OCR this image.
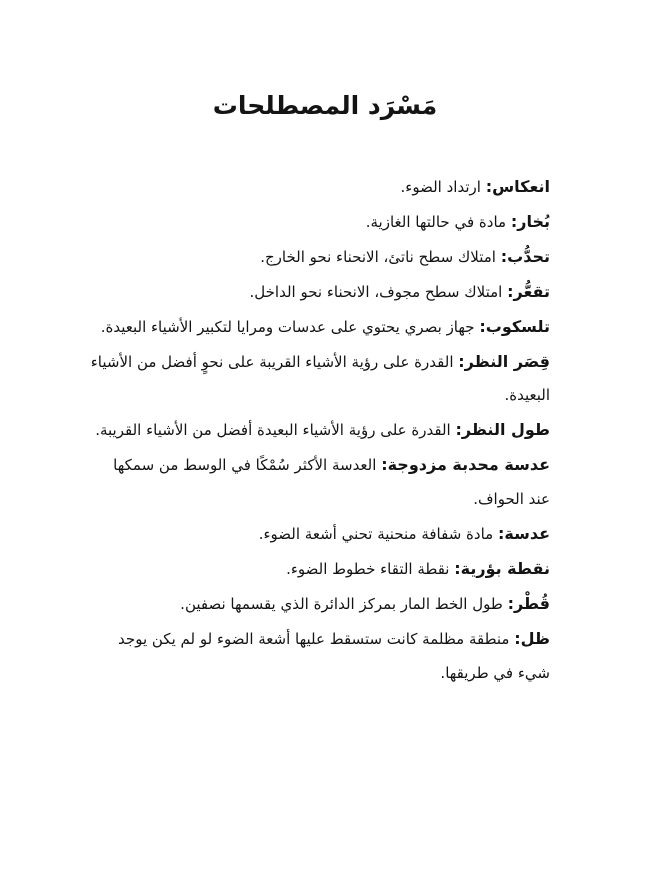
مَسْرَد المصطلحات
انعكاس: ارتداد الضوء.
بُخار: مادة في حالتها الغازية.
تحدُّب: امتلاك سطح ناتئ، الانحناء نحو الخارج.
تقعُّر: امتلاك سطح مجوف، الانحناء نحو الداخل.
تلسكوب: جهاز بصري يحتوي على عدسات ومرايا لتكبير الأشياء البعيدة.
قِصَر النظر: القدرة على رؤية الأشياء القريبة على نحوٍ أفضل من الأشياء البعيدة.
طول النظر: القدرة على رؤية الأشياء البعيدة أفضل من الأشياء القريبة.
عدسة محدبة مزدوجة: العدسة الأكثر سُمْكًا في الوسط من سمكها عند الحواف.
عدسة: مادة شفافة منحنية تحني أشعة الضوء.
نقطة بؤرية: نقطة التقاء خطوط الضوء.
قُطْر: طول الخط المار بمركز الدائرة الذي يقسمها نصفين.
ظل: منطقة مظلمة كانت ستسقط عليها أشعة الضوء لو لم يكن يوجد شيء في طريقها.
